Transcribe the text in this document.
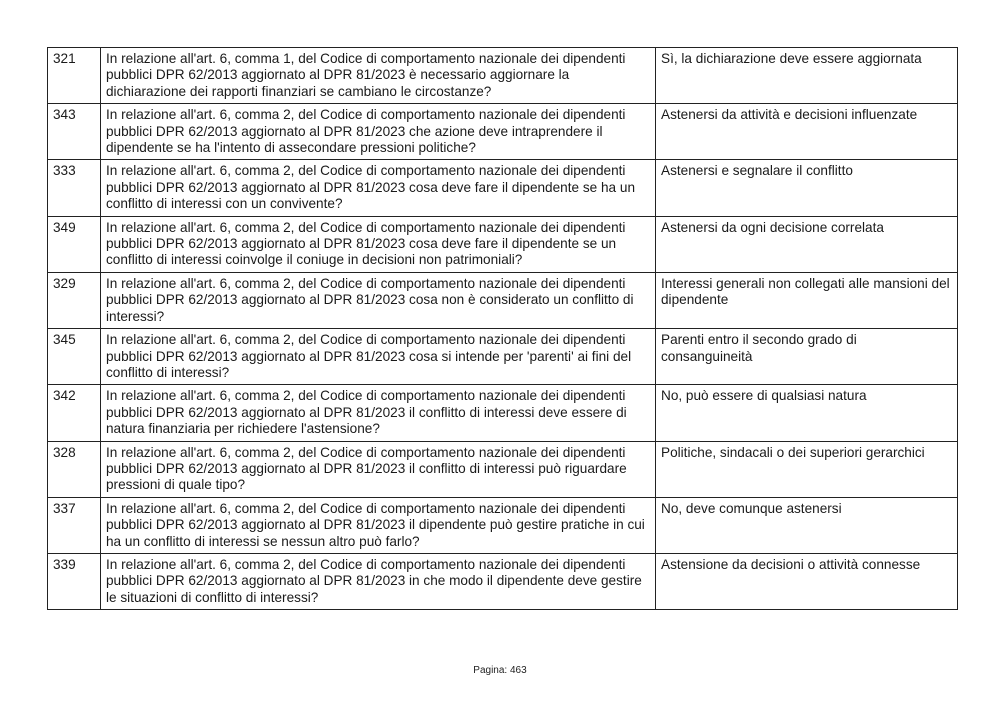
321	In relazione all'art. 6, comma 1, del Codice di comportamento nazionale dei dipendenti pubblici DPR 62/2013 aggiornato al DPR 81/2023 è necessario aggiornare la dichiarazione dei rapporti finanziari se cambiano le circostanze?	Sì, la dichiarazione deve essere aggiornata
343	In relazione all'art. 6, comma 2, del Codice di comportamento nazionale dei dipendenti pubblici DPR 62/2013 aggiornato al DPR 81/2023 che azione deve intraprendere il dipendente se ha l'intento di assecondare pressioni politiche?	Astenersi da attività e decisioni influenzate
333	In relazione all'art. 6, comma 2, del Codice di comportamento nazionale dei dipendenti pubblici DPR 62/2013 aggiornato al DPR 81/2023 cosa deve fare il dipendente se ha un conflitto di interessi con un convivente?	Astenersi e segnalare il conflitto
349	In relazione all'art. 6, comma 2, del Codice di comportamento nazionale dei dipendenti pubblici DPR 62/2013 aggiornato al DPR 81/2023 cosa deve fare il dipendente se un conflitto di interessi coinvolge il coniuge in decisioni non patrimoniali?	Astenersi da ogni decisione correlata
329	In relazione all'art. 6, comma 2, del Codice di comportamento nazionale dei dipendenti pubblici DPR 62/2013 aggiornato al DPR 81/2023 cosa non è considerato un conflitto di interessi?	Interessi generali non collegati alle mansioni del dipendente
345	In relazione all'art. 6, comma 2, del Codice di comportamento nazionale dei dipendenti pubblici DPR 62/2013 aggiornato al DPR 81/2023 cosa si intende per 'parenti' ai fini del conflitto di interessi?	Parenti entro il secondo grado di consanguineità
342	In relazione all'art. 6, comma 2, del Codice di comportamento nazionale dei dipendenti pubblici DPR 62/2013 aggiornato al DPR 81/2023 il conflitto di interessi deve essere di natura finanziaria per richiedere l'astensione?	No, può essere di qualsiasi natura
328	In relazione all'art. 6, comma 2, del Codice di comportamento nazionale dei dipendenti pubblici DPR 62/2013 aggiornato al DPR 81/2023 il conflitto di interessi può riguardare pressioni di quale tipo?	Politiche, sindacali o dei superiori gerarchici
337	In relazione all'art. 6, comma 2, del Codice di comportamento nazionale dei dipendenti pubblici DPR 62/2013 aggiornato al DPR 81/2023 il dipendente può gestire pratiche in cui ha un conflitto di interessi se nessun altro può farlo?	No, deve comunque astenersi
339	In relazione all'art. 6, comma 2, del Codice di comportamento nazionale dei dipendenti pubblici DPR 62/2013 aggiornato al DPR 81/2023 in che modo il dipendente deve gestire le situazioni di conflitto di interessi?	Astensione da decisioni o attività connesse
Pagina: 463
